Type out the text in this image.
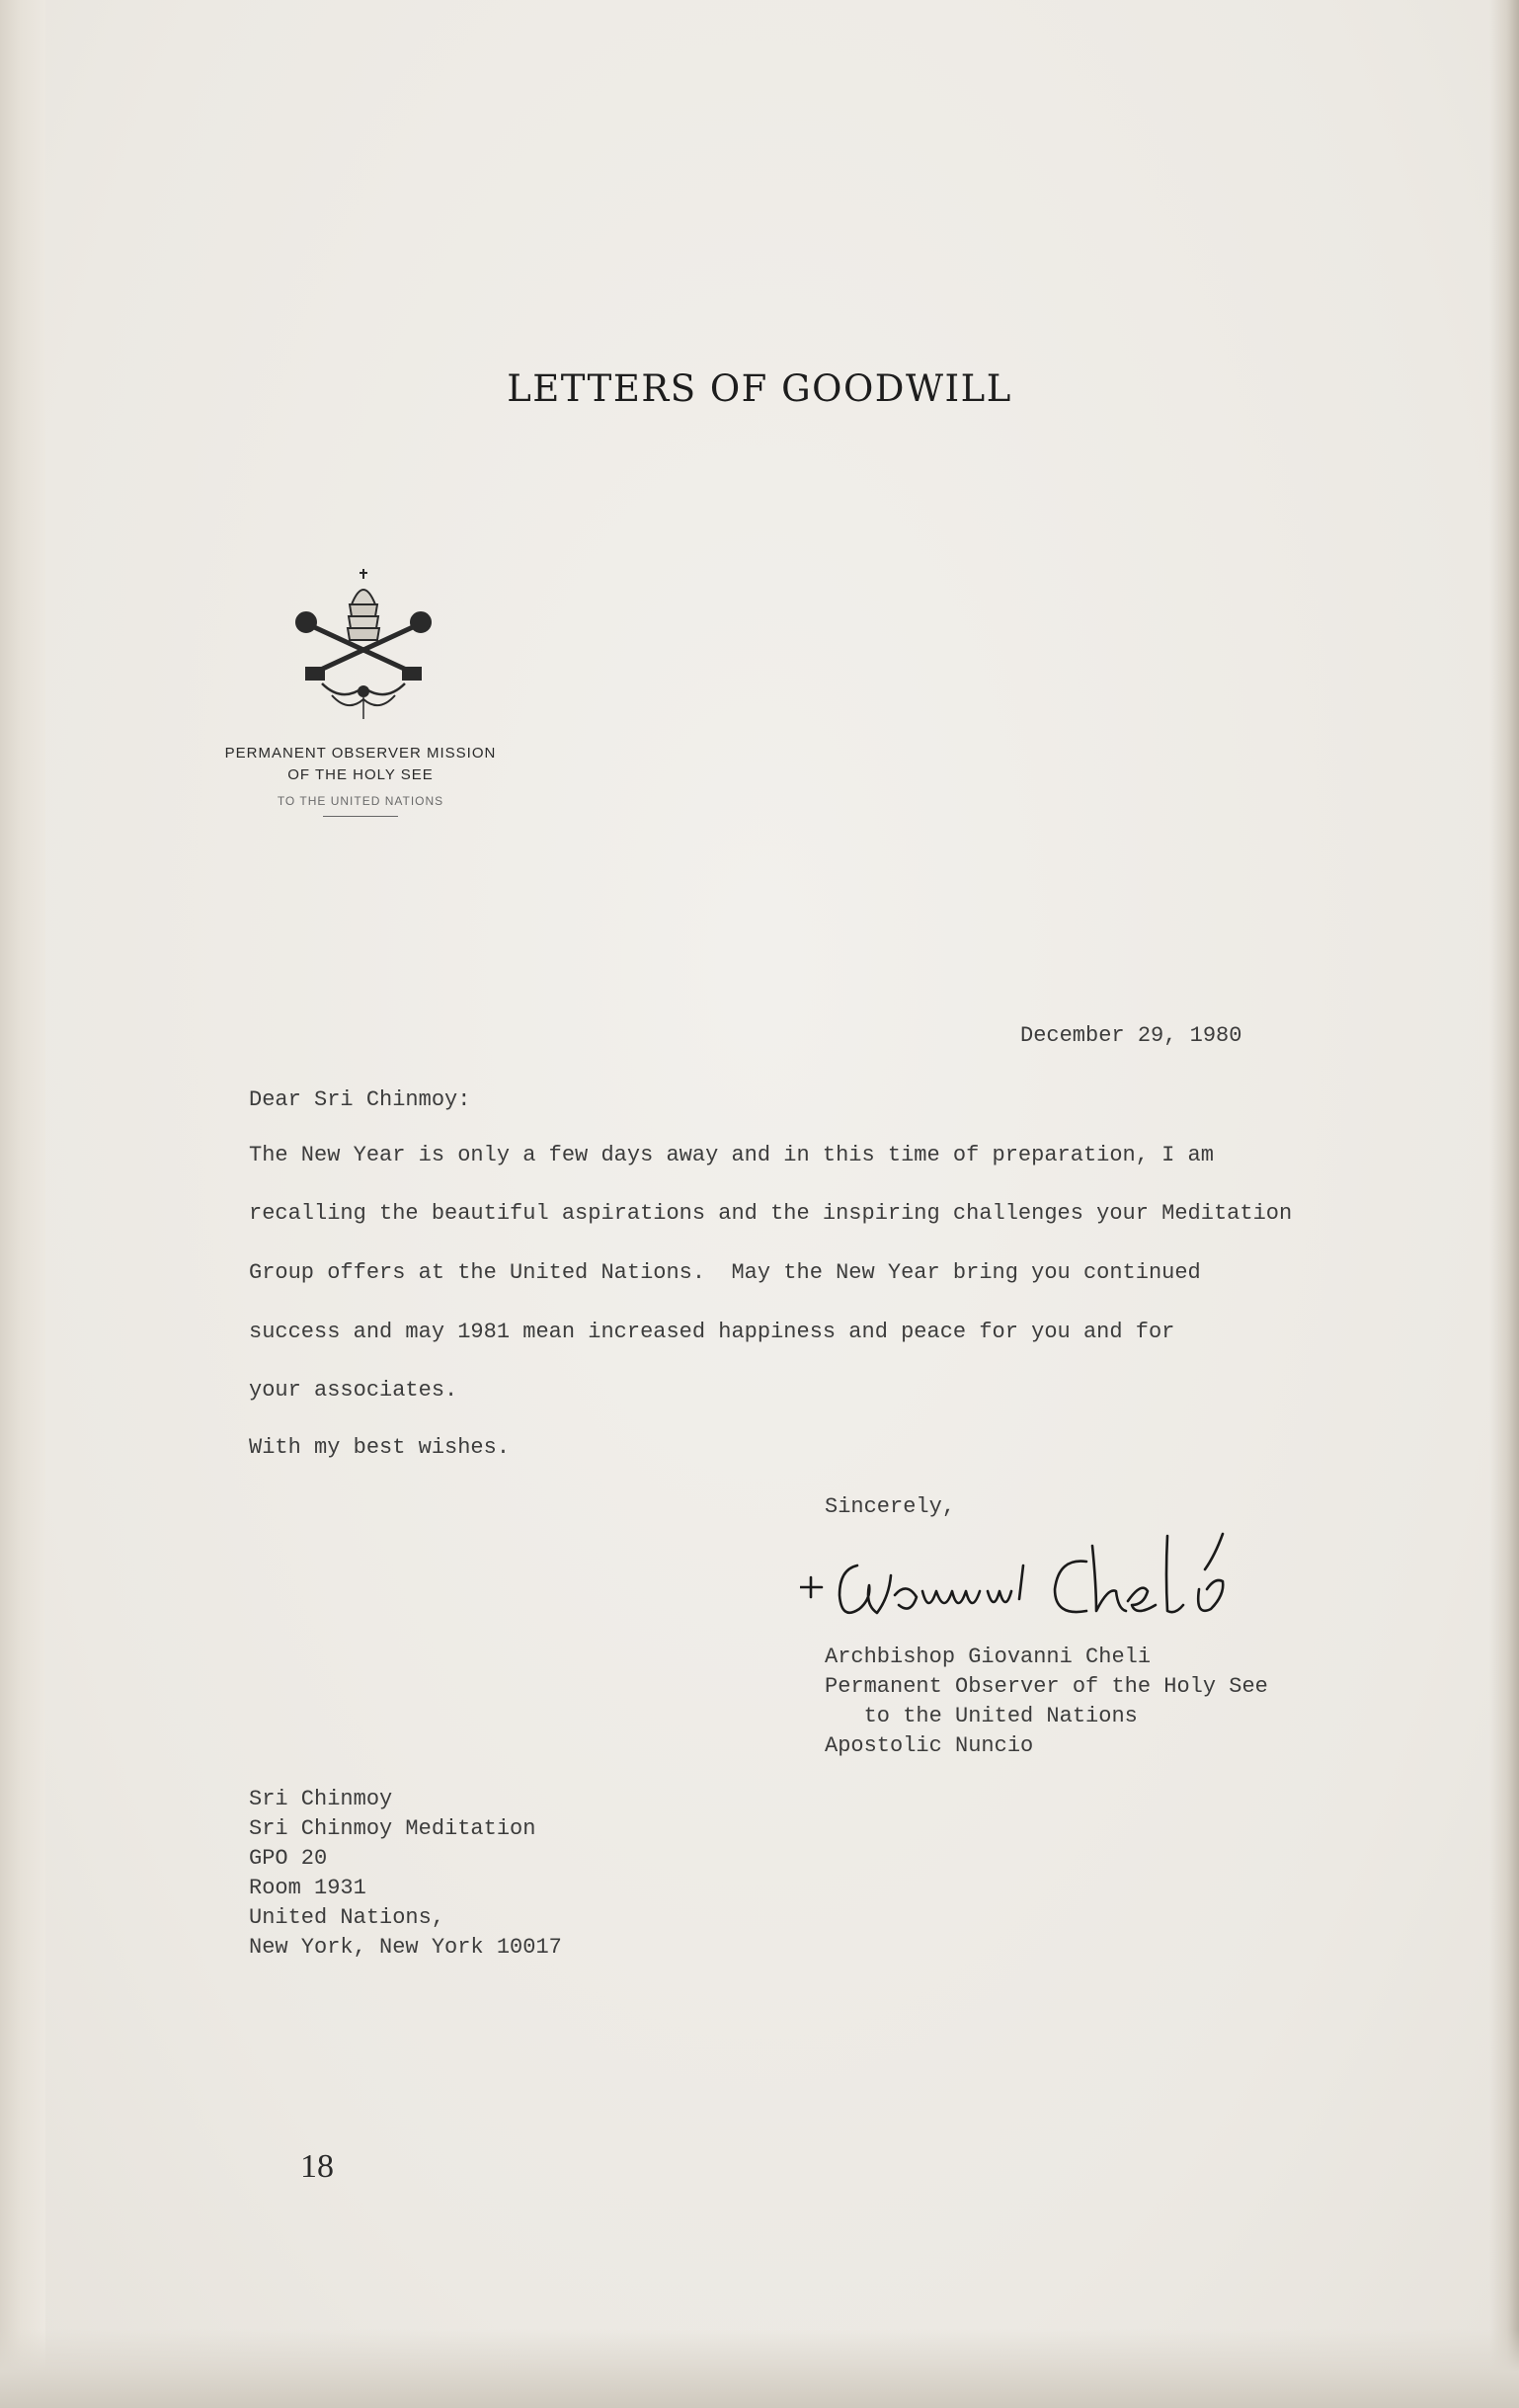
LETTERS OF GOODWILL
PERMANENT OBSERVER MISSION
OF THE HOLY SEE
TO THE UNITED NATIONS
December 29, 1980
Dear Sri Chinmoy:
The New Year is only a few days away and in this time of preparation, I am
recalling the beautiful aspirations and the inspiring challenges your Meditation
Group offers at the United Nations.  May the New Year bring you continued
success and may 1981 mean increased happiness and peace for you and for
your associates.
With my best wishes.
Sincerely,
Archbishop Giovanni Cheli
Permanent Observer of the Holy See
to the United Nations
Apostolic Nuncio
Sri Chinmoy
Sri Chinmoy Meditation
GPO 20
Room 1931
United Nations,
New York, New York 10017
18
